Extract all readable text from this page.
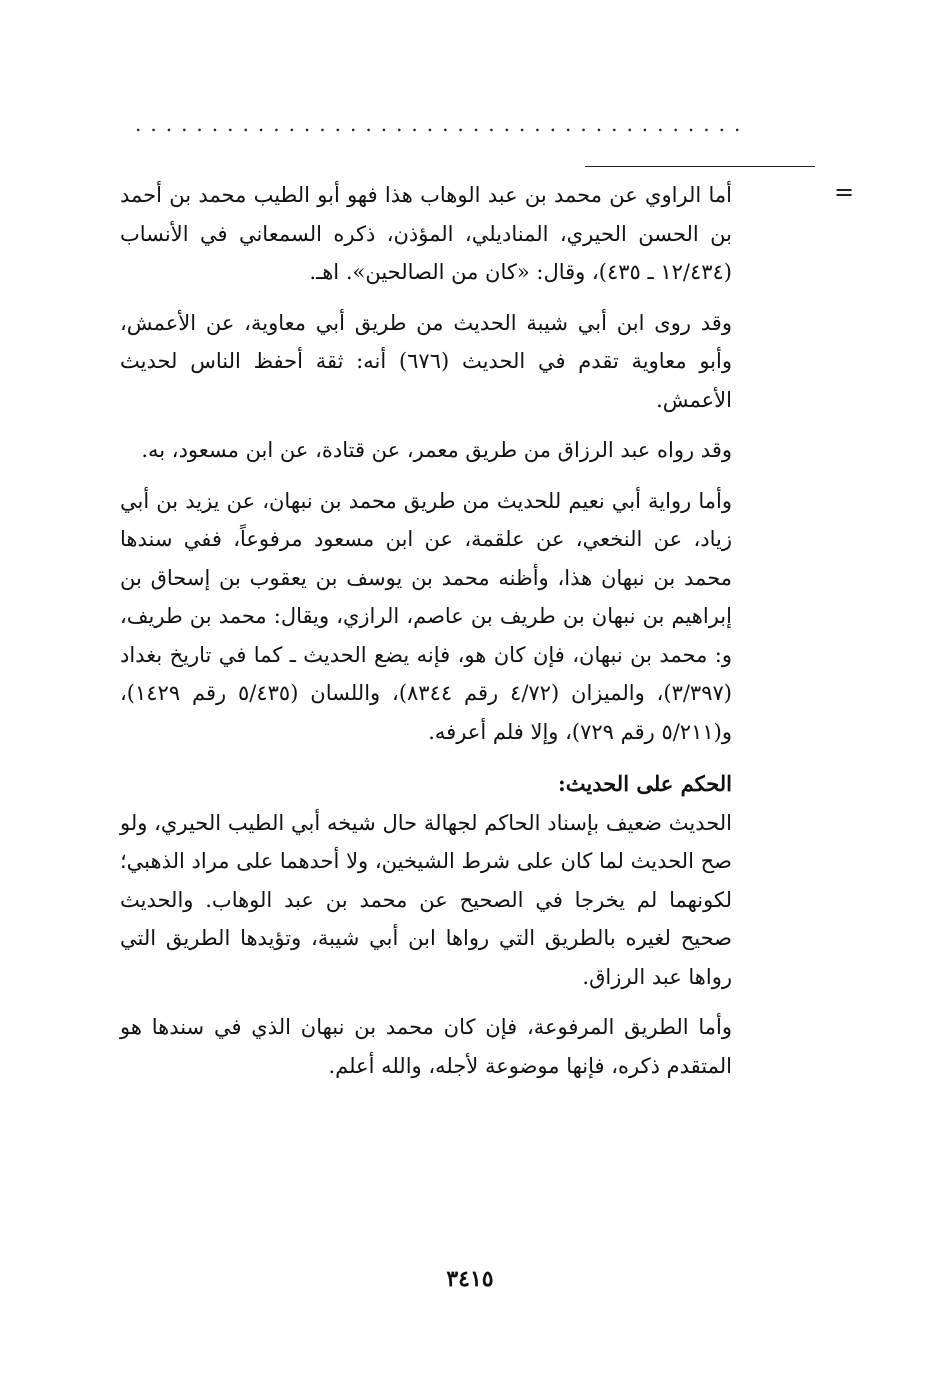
........................................
=

أما الراوي عن محمد بن عبد الوهاب هذا فهو أبو الطيب محمد بن أحمد بن الحسن الحيري، المناديلي، المؤذن، ذكره السمعاني في الأنساب (١٢/٤٣٤ ـ ٤٣٥)، وقال: «كان من الصالحين». اهـ.

وقد روى ابن أبي شيبة الحديث من طريق أبي معاوية، عن الأعمش، وأبو معاوية تقدم في الحديث (٦٧٦) أنه: ثقة أحفظ الناس لحديث الأعمش.

وقد رواه عبد الرزاق من طريق معمر، عن قتادة، عن ابن مسعود، به.

وأما رواية أبي نعيم للحديث من طريق محمد بن نبهان، عن يزيد بن أبي زياد، عن النخعي، عن علقمة، عن ابن مسعود مرفوعاً، ففي سندها محمد بن نبهان هذا، وأظنه محمد بن يوسف بن يعقوب بن إسحاق بن إبراهيم بن نبهان بن طريف بن عاصم، الرازي، ويقال: محمد بن طريف، و: محمد بن نبهان، فإن كان هو، فإنه يضع الحديث ـ كما في تاريخ بغداد (٣/٣٩٧)، والميزان (٤/٧٢ رقم ٨٣٤٤)، واللسان (٥/٤٣٥ رقم ١٤٢٩)، و(٥/٢١١ رقم ٧٢٩)، وإلا فلم أعرفه.

الحكم على الحديث:

الحديث ضعيف بإسناد الحاكم لجهالة حال شيخه أبي الطيب الحيري، ولو صح الحديث لما كان على شرط الشيخين، ولا أحدهما على مراد الذهبي؛ لكونهما لم يخرجا في الصحيح عن محمد بن عبد الوهاب. والحديث صحيح لغيره بالطريق التي رواها ابن أبي شيبة، وتؤيدها الطريق التي رواها عبد الرزاق.

وأما الطريق المرفوعة، فإن كان محمد بن نبهان الذي في سندها هو المتقدم ذكره، فإنها موضوعة لأجله، والله أعلم.

٣٤١٥
